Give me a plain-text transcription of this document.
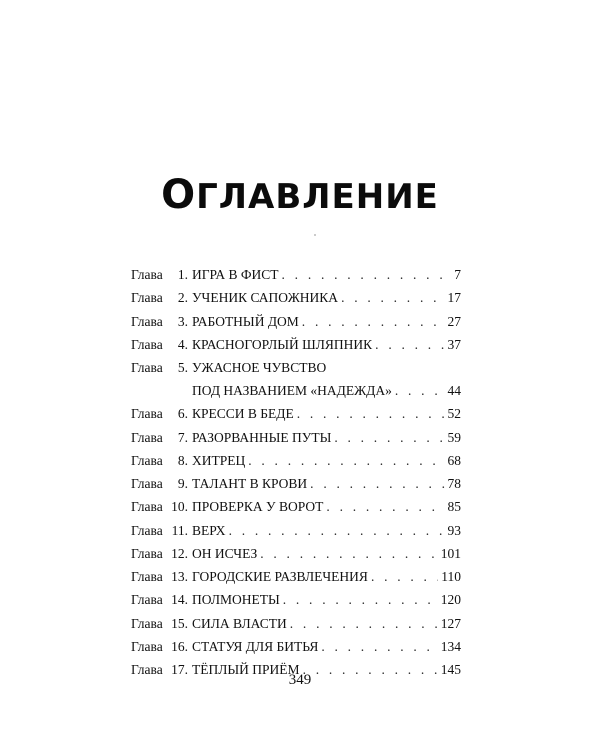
ОГЛАВЛЕНИЕ
Глава	1. ИГРА В ФИСТ . . .	7
Глава	2. УЧЕНИК САПОЖНИКА . . .	17
Глава	3. РАБОТНЫЙ ДОМ . . .	27
Глава	4. КРАСНОГОРЛЫЙ ШЛЯПНИК . . .	37
Глава	5. УЖАСНОЕ ЧУВСТВО
ПОД НАЗВАНИЕМ «НАДЕЖДА» . . .	44
Глава	6. КРЕССИ В БЕДЕ . . .	52
Глава	7. РАЗОРВАННЫЕ ПУТЫ . . .	59
Глава	8. ХИТРЕЦ . . .	68
Глава	9. ТАЛАНТ В КРОВИ . . .	78
Глава 10. ПРОВЕРКА У ВОРОТ . . .	85
Глава 11. ВЕРХ . . .	93
Глава 12. ОН ИСЧЕЗ . . .	101
Глава 13. ГОРОДСКИЕ РАЗВЛЕЧЕНИЯ . . .	110
Глава 14. ПОЛМОНЕТЫ . . .	120
Глава 15. СИЛА ВЛАСТИ . . .	127
Глава 16. СТАТУЯ ДЛЯ БИТЬЯ . . .	134
Глава 17. ТЁПЛЫЙ ПРИЁМ . . .	145
349
